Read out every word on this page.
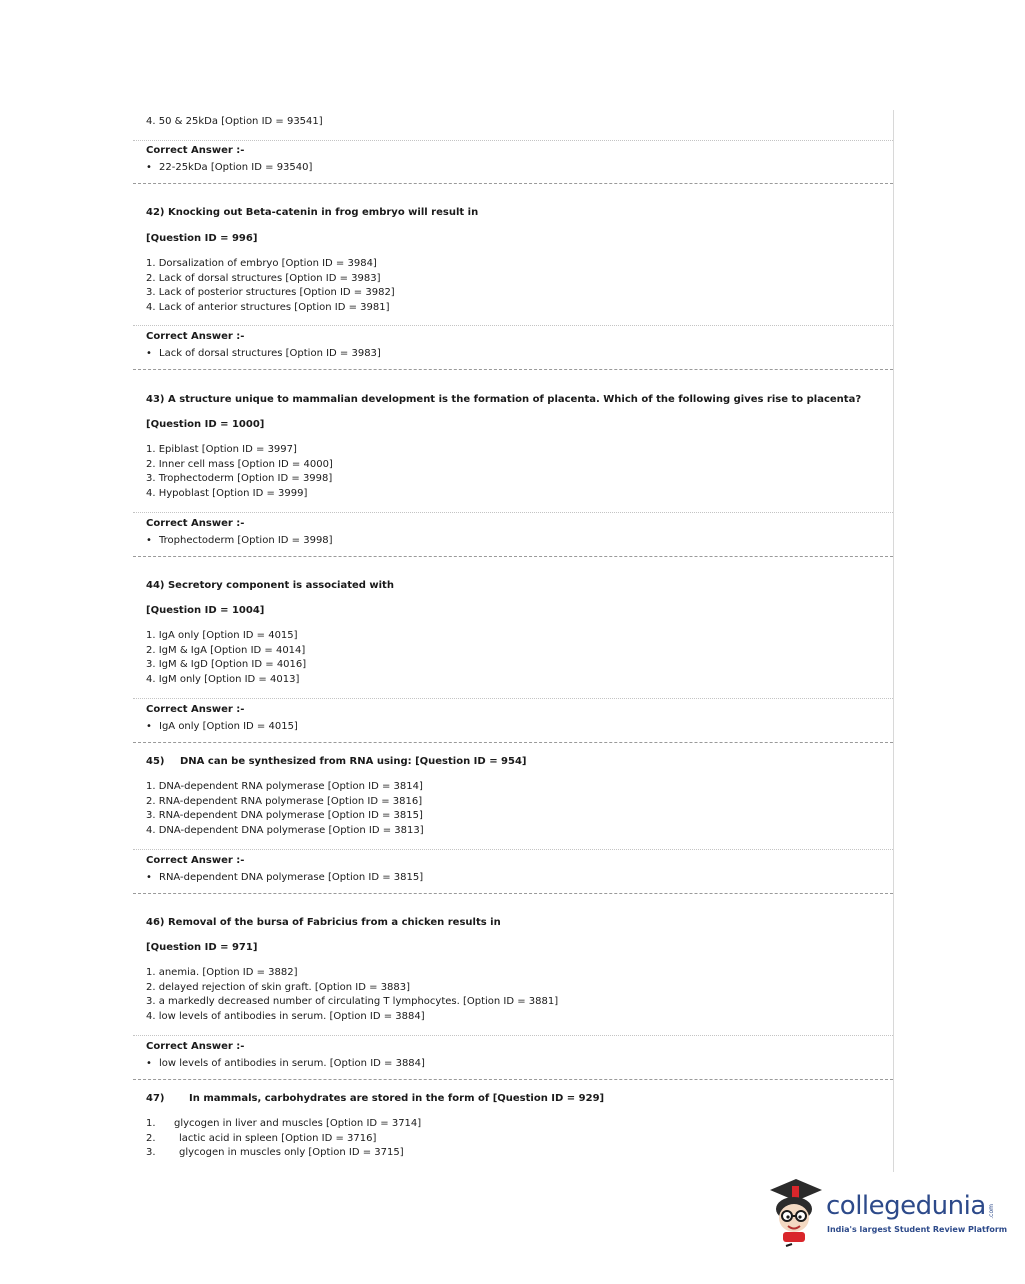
4. 50 & 25kDa [Option ID = 93541]
Correct Answer :-
• 22-25kDa [Option ID = 93540]
42) Knocking out Beta-catenin in frog embryo will result in
[Question ID = 996]
1. Dorsalization of embryo [Option ID = 3984]
2. Lack of dorsal structures [Option ID = 3983]
3. Lack of posterior structures [Option ID = 3982]
4. Lack of anterior structures [Option ID = 3981]
Correct Answer :-
• Lack of dorsal structures [Option ID = 3983]
43) A structure unique to mammalian development is the formation of placenta. Which of the following gives rise to placenta?
[Question ID = 1000]
1. Epiblast [Option ID = 3997]
2. Inner cell mass [Option ID = 4000]
3. Trophectoderm [Option ID = 3998]
4. Hypoblast [Option ID = 3999]
Correct Answer :-
• Trophectoderm [Option ID = 3998]
44) Secretory component is associated with
[Question ID = 1004]
1. IgA only [Option ID = 4015]
2. IgM & IgA [Option ID = 4014]
3. IgM & IgD [Option ID = 4016]
4. IgM only [Option ID = 4013]
Correct Answer :-
• IgA only [Option ID = 4015]
45) DNA can be synthesized from RNA using: [Question ID = 954]
1. DNA-dependent RNA polymerase [Option ID = 3814]
2. RNA-dependent RNA polymerase [Option ID = 3816]
3. RNA-dependent DNA polymerase [Option ID = 3815]
4. DNA-dependent DNA polymerase [Option ID = 3813]
Correct Answer :-
• RNA-dependent DNA polymerase [Option ID = 3815]
46) Removal of the bursa of Fabricius from a chicken results in
[Question ID = 971]
1. anemia. [Option ID = 3882]
2. delayed rejection of skin graft. [Option ID = 3883]
3. a markedly decreased number of circulating T lymphocytes. [Option ID = 3881]
4. low levels of antibodies in serum. [Option ID = 3884]
Correct Answer :-
• low levels of antibodies in serum. [Option ID = 3884]
47) In mammals, carbohydrates are stored in the form of [Question ID = 929]
1. glycogen in liver and muscles [Option ID = 3714]
2. lactic acid in spleen [Option ID = 3716]
3. glycogen in muscles only [Option ID = 3715]
collegedunia .com
India's largest Student Review Platform
